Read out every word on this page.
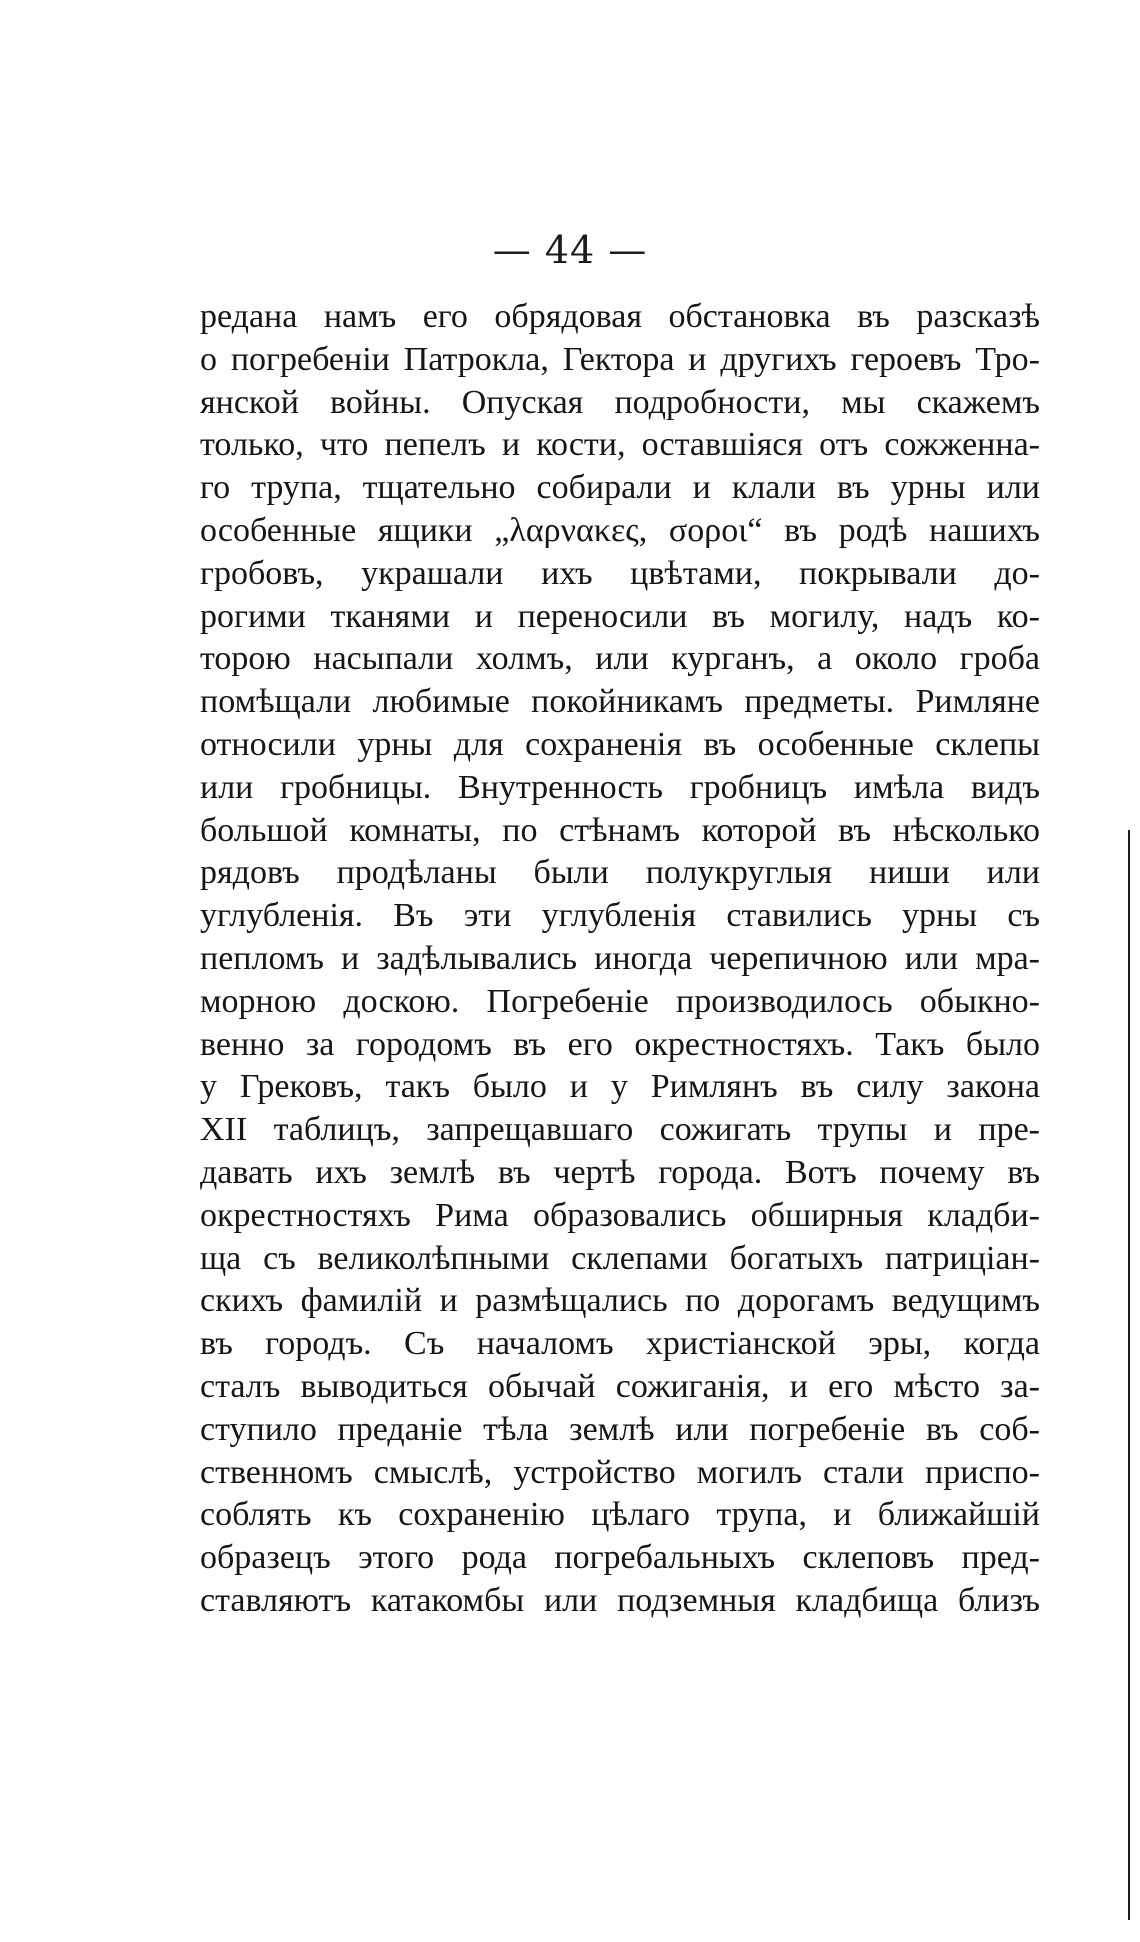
— 44 —
редана намъ его обрядовая обстановка въ разсказѣ
о погребеніи Патрокла, Гектора и другихъ героевъ Тро-
янской войны. Опуская подробности, мы скажемъ
только, что пепелъ и кости, оставшіяся отъ сожженна-
го трупа, тщательно собирали и клали въ урны или
особенные ящики „λαρνακες, σοροι“ въ родѣ нашихъ
гробовъ, украшали ихъ цвѣтами, покрывали до-
рогими тканями и переносили въ могилу, надъ ко-
торою насыпали холмъ, или курганъ, а около гроба
помѣщали любимые покойникамъ предметы. Римляне
относили урны для сохраненія въ особенные склепы
или гробницы. Внутренность гробницъ имѣла видъ
большой комнаты, по стѣнамъ которой въ нѣсколько
рядовъ продѣланы были полукруглыя ниши или
углубленія. Въ эти углубленія ставились урны съ
пепломъ и задѣлывались иногда черепичною или мра-
морною доскою. Погребеніе производилось обыкно-
венно за городомъ въ его окрестностяхъ. Такъ было
у Грековъ, такъ было и у Римлянъ въ силу закона
XII таблицъ, запрещавшаго сожигать трупы и пре-
давать ихъ землѣ въ чертѣ города. Вотъ почему въ
окрестностяхъ Рима образовались обширныя кладби-
ща съ великолѣпными склепами богатыхъ патриціан-
скихъ фамилій и размѣщались по дорогамъ ведущимъ
въ городъ. Съ началомъ христіанской эры, когда
сталъ выводиться обычай сожиганія, и его мѣсто за-
ступило преданіе тѣла землѣ или погребеніе въ соб-
ственномъ смыслѣ, устройство могилъ стали приспо-
соблять къ сохраненію цѣлаго трупа, и ближайшій
образецъ этого рода погребальныхъ склеповъ пред-
ставляютъ катакомбы или подземныя кладбища близъ
